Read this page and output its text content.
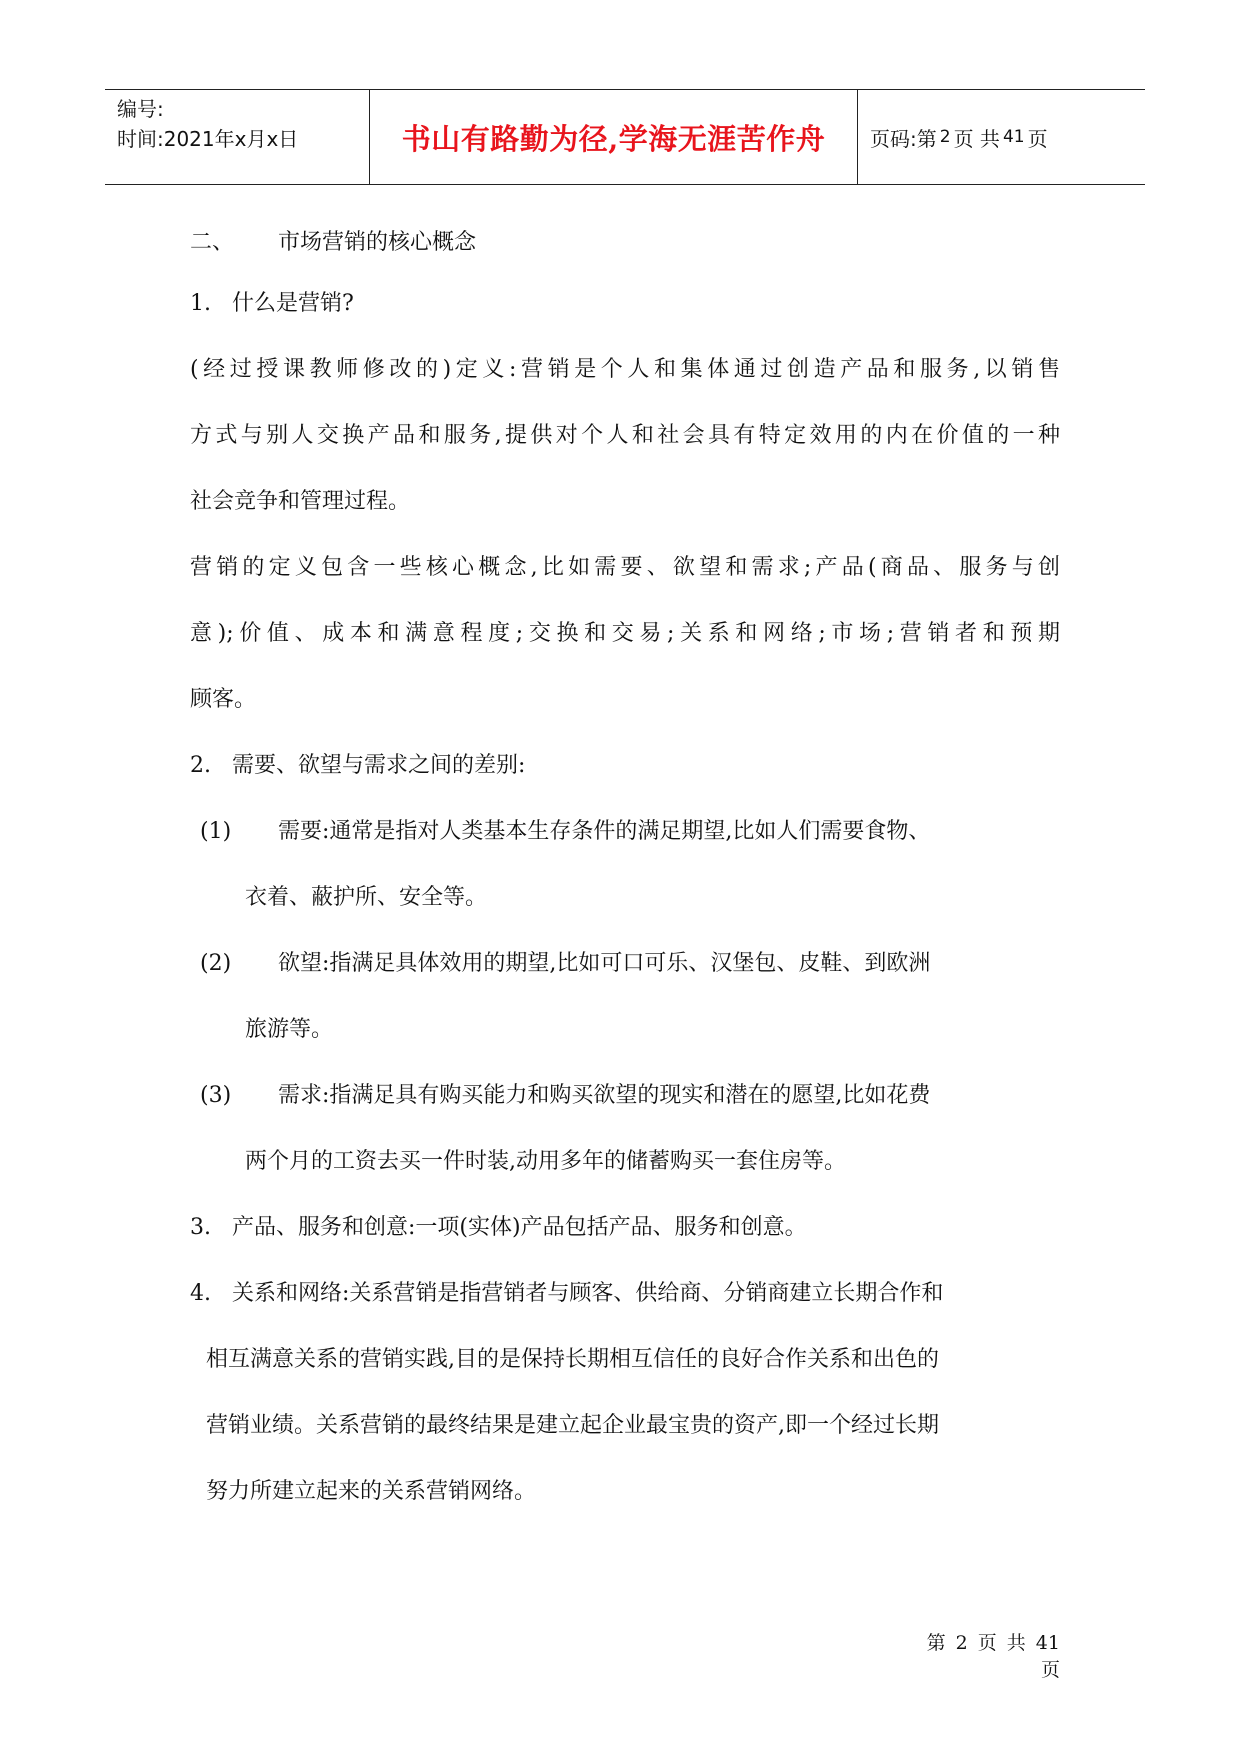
编号:
时间:2021年x月x日	书山有路勤为径,学海无涯苦作舟	页码:第 2 页 共 41 页
二、 市场营销的核心概念
1. 什么是营销?
(经过授课教师修改的)定义:营销是个人和集体通过创造产品和服务,以销售
方式与别人交换产品和服务,提供对个人和社会具有特定效用的内在价值的一种
社会竞争和管理过程。
营销的定义包含一些核心概念,比如需要、欲望和需求;产品(商品、服务与创
意);价值、成本和满意程度;交换和交易;关系和网络;市场;营销者和预期
顾客。
2. 需要、欲望与需求之间的差别:
(1) 需要:通常是指对人类基本生存条件的满足期望,比如人们需要食物、
衣着、蔽护所、安全等。
(2) 欲望:指满足具体效用的期望,比如可口可乐、汉堡包、皮鞋、到欧洲
旅游等。
(3) 需求:指满足具有购买能力和购买欲望的现实和潜在的愿望,比如花费
两个月的工资去买一件时装,动用多年的储蓄购买一套住房等。
3. 产品、服务和创意:一项(实体)产品包括产品、服务和创意。
4. 关系和网络:关系营销是指营销者与顾客、供给商、分销商建立长期合作和
相互满意关系的营销实践,目的是保持长期相互信任的良好合作关系和出色的
营销业绩。关系营销的最终结果是建立起企业最宝贵的资产,即一个经过长期
努力所建立起来的关系营销网络。
第 2 页 共 41 页
